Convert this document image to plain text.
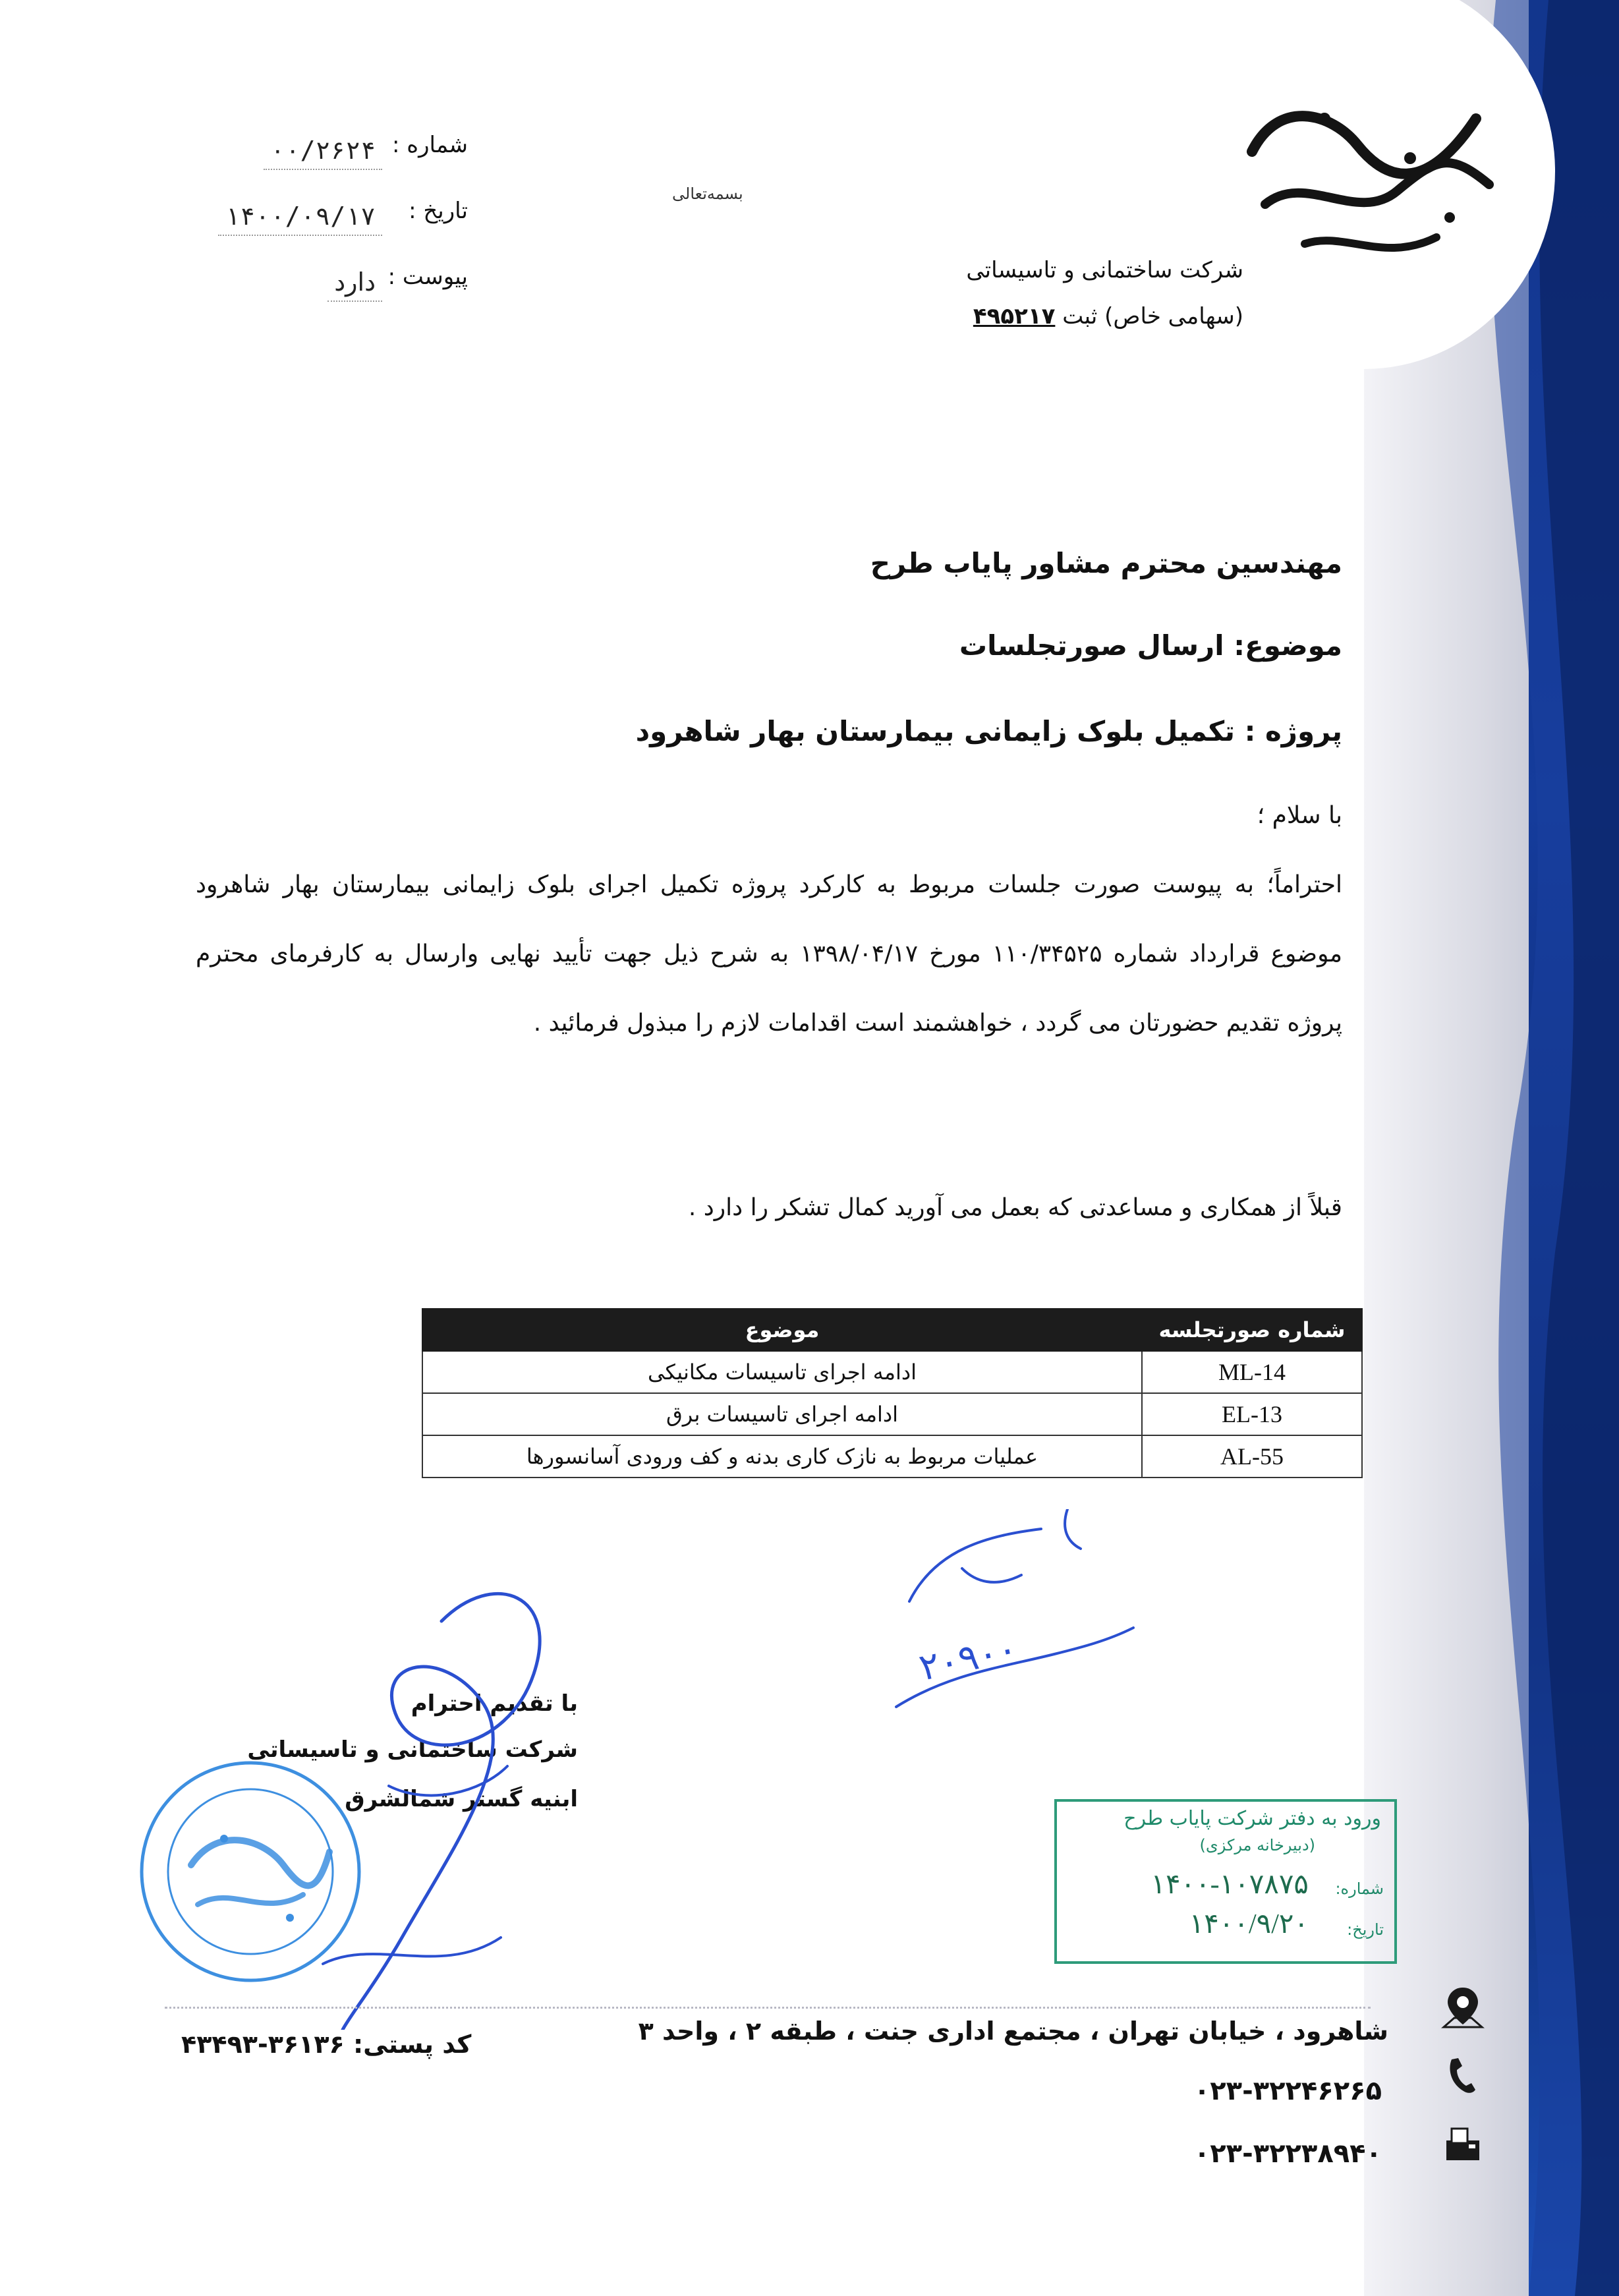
شرکت ساختمانی و تاسیساتی
(سهامی خاص) ثبت ۴۹۵۲۱۷
بسمه‌تعالی
شماره :
۰۰/۲۶۲۴
تاریخ :
۱۴۰۰/۰۹/۱۷
پیوست :
دارد
مهندسین محترم مشاور پایاب طرح
موضوع: ارسال صورتجلسات
پروژه : تکمیل بلوک زایمانی بیمارستان بهار شاهرود
با سلام ؛
احتراماً؛ به پیوست صورت جلسات مربوط به کارکرد پروژه تکمیل اجرای بلوک زایمانی بیمارستان بهار شاهرود موضوع قرارداد شماره ۱۱۰/۳۴۵۲۵ مورخ ۱۳۹۸/۰۴/۱۷ به شرح ذیل جهت تأیید نهایی وارسال به کارفرمای محترم پروژه تقدیم حضورتان می گردد ، خواهشمند است اقدامات لازم را مبذول فرمائید .
قبلاً از همکاری و مساعدتی که بعمل می آورید کمال تشکر را دارد .
شماره صورتجلسه	موضوع
ML-14	ادامه اجرای تاسیسات مکانیکی
EL-13	ادامه اجرای تاسیسات برق
AL-55	عملیات مربوط به نازک کاری بدنه و کف ورودی آسانسورها
با تقدیم احترام
شرکت ساختمانی و تاسیساتی
ابنیه گستر شمالشرق
۲۰۹۰۰
ورود به دفتر شرکت پایاب طرح
(دبیرخانه مرکزی)
شماره:
۱۴۰۰-۱۰۷۸۷۵
تاریخ:
۱۴۰۰/۹/۲۰
شاهرود ، خیابان تهران ، مجتمع اداری جنت ، طبقه ۲ ، واحد ۳
کد پستی: ۳۶۱۳۶-۴۳۴۹۳
۰۲۳-۳۲۲۴۶۲۶۵
۰۲۳-۳۲۲۳۸۹۴۰
